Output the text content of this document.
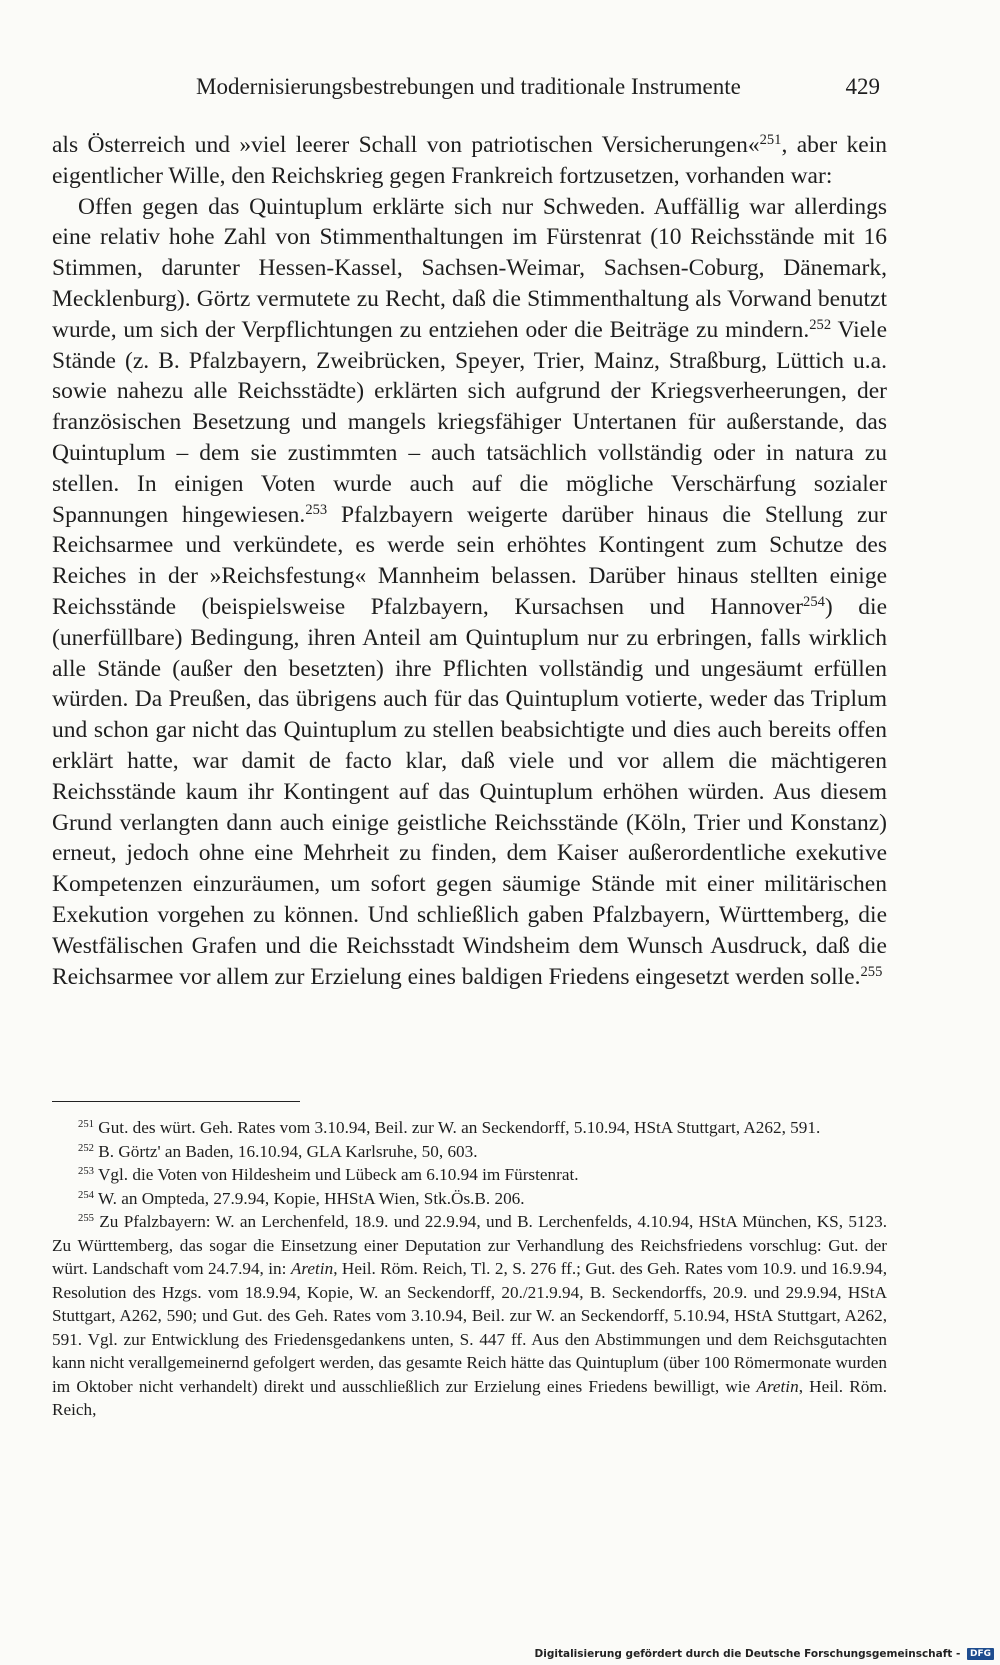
Modernisierungsbestrebungen und traditionale Instrumente	429

als Österreich und »viel leerer Schall von patriotischen Versicherungen«$^{251}$, aber kein eigentlicher Wille, den Reichskrieg gegen Frankreich fortzusetzen, vorhanden war:

Offen gegen das Quintuplum erklärte sich nur Schweden. Auffällig war allerdings eine relativ hohe Zahl von Stimmenthaltungen im Fürstenrat (10 Reichsstände mit 16 Stimmen, darunter Hessen-Kassel, Sachsen-Weimar, Sachsen-Coburg, Dänemark, Mecklenburg). Görtz vermutete zu Recht, daß die Stimmenthaltung als Vorwand benutzt wurde, um sich der Verpflichtungen zu entziehen oder die Beiträge zu mindern.$^{252}$ Viele Stände (z. B. Pfalzbayern, Zweibrücken, Speyer, Trier, Mainz, Straßburg, Lüttich u.a. sowie nahezu alle Reichsstädte) erklärten sich aufgrund der Kriegsverheerungen, der französischen Besetzung und mangels kriegsfähiger Untertanen für außerstande, das Quintuplum – dem sie zustimmten – auch tatsächlich vollständig oder in natura zu stellen. In einigen Voten wurde auch auf die mögliche Verschärfung sozialer Spannungen hingewiesen.$^{253}$ Pfalzbayern weigerte darüber hinaus die Stellung zur Reichsarmee und verkündete, es werde sein erhöhtes Kontingent zum Schutze des Reiches in der »Reichsfestung« Mannheim belassen. Darüber hinaus stellten einige Reichsstände (beispielsweise Pfalzbayern, Kursachsen und Hannover$^{254}$) die (unerfüllbare) Bedingung, ihren Anteil am Quintuplum nur zu erbringen, falls wirklich alle Stände (außer den besetzten) ihre Pflichten vollständig und ungesäumt erfüllen würden. Da Preußen, das übrigens auch für das Quintuplum votierte, weder das Triplum und schon gar nicht das Quintuplum zu stellen beabsichtigte und dies auch bereits offen erklärt hatte, war damit de facto klar, daß viele und vor allem die mächtigeren Reichsstände kaum ihr Kontingent auf das Quintuplum erhöhen würden. Aus diesem Grund verlangten dann auch einige geistliche Reichsstände (Köln, Trier und Konstanz) erneut, jedoch ohne eine Mehrheit zu finden, dem Kaiser außerordentliche exekutive Kompetenzen einzuräumen, um sofort gegen säumige Stände mit einer militärischen Exekution vorgehen zu können. Und schließlich gaben Pfalzbayern, Württemberg, die Westfälischen Grafen und die Reichsstadt Windsheim dem Wunsch Ausdruck, daß die Reichsarmee vor allem zur Erzielung eines baldigen Friedens eingesetzt werden solle.$^{255}$

$^{251}$ Gut. des würt. Geh. Rates vom 3.10.94, Beil. zur W. an Seckendorff, 5.10.94, HStA Stuttgart, A262, 591.

$^{252}$ B. Görtz' an Baden, 16.10.94, GLA Karlsruhe, 50, 603.

$^{253}$ Vgl. die Voten von Hildesheim und Lübeck am 6.10.94 im Fürstenrat.

$^{254}$ W. an Ompteda, 27.9.94, Kopie, HHStA Wien, Stk.Ös.B. 206.

$^{255}$ Zu Pfalzbayern: W. an Lerchenfeld, 18.9. und 22.9.94, und B. Lerchenfelds, 4.10.94, HStA München, KS, 5123. Zu Württemberg, das sogar die Einsetzung einer Deputation zur Verhandlung des Reichsfriedens vorschlug: Gut. der würt. Landschaft vom 24.7.94, in: Aretin, Heil. Röm. Reich, Tl. 2, S. 276 ff.; Gut. des Geh. Rates vom 10.9. und 16.9.94, Resolution des Hzgs. vom 18.9.94, Kopie, W. an Seckendorff, 20./21.9.94, B. Seckendorffs, 20.9. und 29.9.94, HStA Stuttgart, A262, 590; und Gut. des Geh. Rates vom 3.10.94, Beil. zur W. an Seckendorff, 5.10.94, HStA Stuttgart, A262, 591. Vgl. zur Entwicklung des Friedensgedankens unten, S. 447 ff. Aus den Abstimmungen und dem Reichsgutachten kann nicht verallgemeinernd gefolgert werden, das gesamte Reich hätte das Quintuplum (über 100 Römermonate wurden im Oktober nicht verhandelt) direkt und ausschließlich zur Erzielung eines Friedens bewilligt, wie Aretin, Heil. Röm. Reich,

Digitalisierung gefördert durch die Deutsche Forschungsgemeinschaft - DFG
